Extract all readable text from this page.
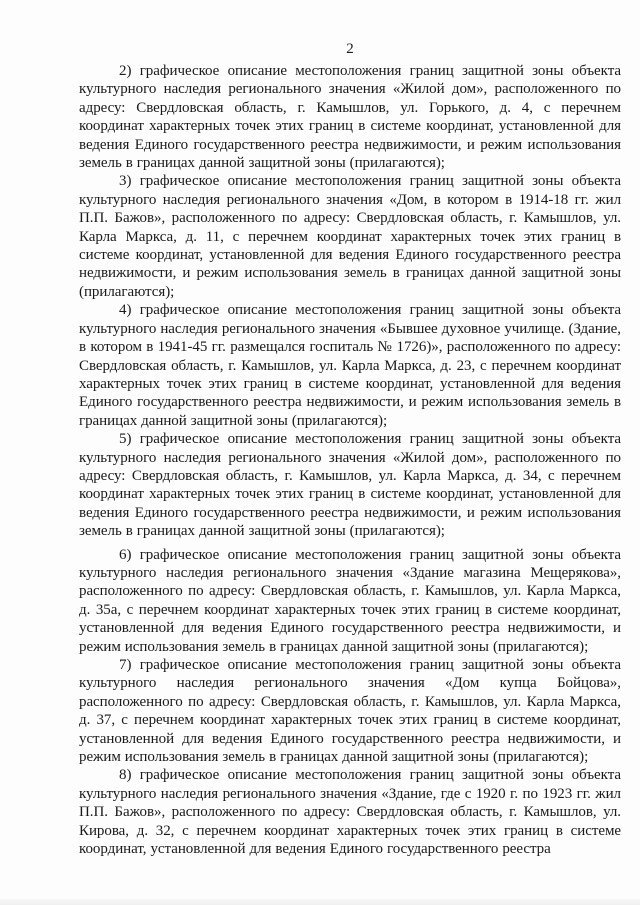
2

2) графическое описание местоположения границ защитной зоны объекта культурного наследия регионального значения «Жилой дом», расположенного по адресу: Свердловская область, г. Камышлов, ул. Горького, д. 4, с перечнем координат характерных точек этих границ в системе координат, установленной для ведения Единого государственного реестра недвижимости, и режим использования земель в границах данной защитной зоны (прилагаются);

3) графическое описание местоположения границ защитной зоны объекта культурного наследия регионального значения «Дом, в котором в 1914-18 гг. жил П.П. Бажов», расположенного по адресу: Свердловская область, г. Камышлов, ул. Карла Маркса, д. 11, с перечнем координат характерных точек этих границ в системе координат, установленной для ведения Единого государственного реестра недвижимости, и режим использования земель в границах данной защитной зоны (прилагаются);

4) графическое описание местоположения границ защитной зоны объекта культурного наследия регионального значения «Бывшее духовное училище. (Здание, в котором в 1941-45 гг. размещался госпиталь № 1726)», расположенного по адресу: Свердловская область, г. Камышлов, ул. Карла Маркса, д. 23, с перечнем координат характерных точек этих границ в системе координат, установленной для ведения Единого государственного реестра недвижимости, и режим использования земель в границах данной защитной зоны (прилагаются);

5) графическое описание местоположения границ защитной зоны объекта культурного наследия регионального значения «Жилой дом», расположенного по адресу: Свердловская область, г. Камышлов, ул. Карла Маркса, д. 34, с перечнем координат характерных точек этих границ в системе координат, установленной для ведения Единого государственного реестра недвижимости, и режим использования земель в границах данной защитной зоны (прилагаются);

6) графическое описание местоположения границ защитной зоны объекта культурного наследия регионального значения «Здание магазина Мещерякова», расположенного по адресу: Свердловская область, г. Камышлов, ул. Карла Маркса, д. 35а, с перечнем координат характерных точек этих границ в системе координат, установленной для ведения Единого государственного реестра недвижимости, и режим использования земель в границах данной защитной зоны (прилагаются);

7) графическое описание местоположения границ защитной зоны объекта культурного наследия регионального значения «Дом купца Бойцова», расположенного по адресу: Свердловская область, г. Камышлов, ул. Карла Маркса, д. 37, с перечнем координат характерных точек этих границ в системе координат, установленной для ведения Единого государственного реестра недвижимости, и режим использования земель в границах данной защитной зоны (прилагаются);

8) графическое описание местоположения границ защитной зоны объекта культурного наследия регионального значения «Здание, где с 1920 г. по 1923 гг. жил П.П. Бажов», расположенного по адресу: Свердловская область, г. Камышлов, ул. Кирова, д. 32, с перечнем координат характерных точек этих границ в системе координат, установленной для ведения Единого государственного реестра
